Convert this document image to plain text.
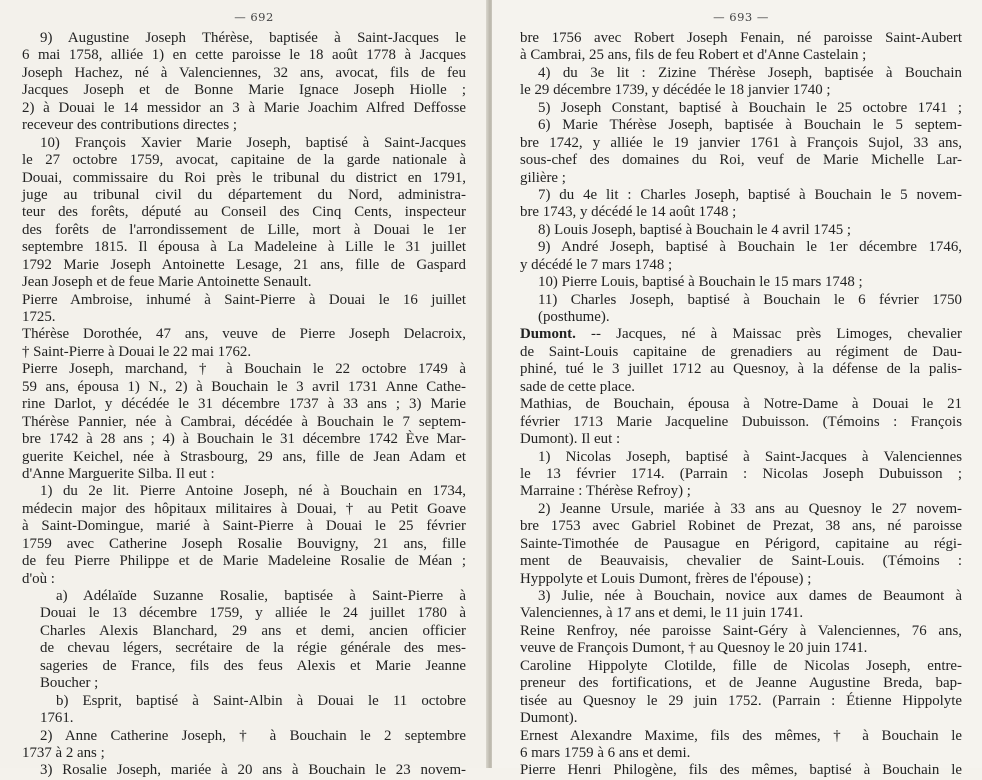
— 692
9) Augustine Joseph Thérèse, baptisée à Saint-Jacques le
6 mai 1758, alliée 1) en cette paroisse le 18 août 1778 à Jacques
Joseph Hachez, né à Valenciennes, 32 ans, avocat, fils de feu
Jacques Joseph et de Bonne Marie Ignace Joseph Hiolle ;
2) à Douai le 14 messidor an 3 à Marie Joachim Alfred Deffosse
receveur des contributions directes ;
10) François Xavier Marie Joseph, baptisé à Saint-Jacques
le 27 octobre 1759, avocat, capitaine de la garde nationale à
Douai, commissaire du Roi près le tribunal du district en 1791,
juge au tribunal civil du département du Nord, administra-
teur des forêts, député au Conseil des Cinq Cents, inspecteur
des forêts de l'arrondissement de Lille, mort à Douai le 1er
septembre 1815. Il épousa à La Madeleine à Lille le 31 juillet
1792 Marie Joseph Antoinette Lesage, 21 ans, fille de Gaspard
Jean Joseph et de feue Marie Antoinette Senault.
Pierre Ambroise, inhumé à Saint-Pierre à Douai le 16 juillet
1725.
Thérèse Dorothée, 47 ans, veuve de Pierre Joseph Delacroix,
† Saint-Pierre à Douai le 22 mai 1762.
Pierre Joseph, marchand, † à Bouchain le 22 octobre 1749 à
59 ans, épousa 1) N., 2) à Bouchain le 3 avril 1731 Anne Cathe-
rine Darlot, y décédée le 31 décembre 1737 à 33 ans ; 3) Marie
Thérèse Pannier, née à Cambrai, décédée à Bouchain le 7 septem-
bre 1742 à 28 ans ; 4) à Bouchain le 31 décembre 1742 Ève Mar-
guerite Keichel, née à Strasbourg, 29 ans, fille de Jean Adam et
d'Anne Marguerite Silba. Il eut :
1) du 2e lit. Pierre Antoine Joseph, né à Bouchain en 1734,
médecin major des hôpitaux militaires à Douai, † au Petit Goave
à Saint-Domingue, marié à Saint-Pierre à Douai le 25 février
1759 avec Catherine Joseph Rosalie Bouvigny, 21 ans, fille
de feu Pierre Philippe et de Marie Madeleine Rosalie de Méan ;
d'où :
a) Adélaïde Suzanne Rosalie, baptisée à Saint-Pierre à
Douai le 13 décembre 1759, y alliée le 24 juillet 1780 à
Charles Alexis Blanchard, 29 ans et demi, ancien officier
de chevau légers, secrétaire de la régie générale des mes-
sageries de France, fils des feus Alexis et Marie Jeanne
Boucher ;
b) Esprit, baptisé à Saint-Albin à Douai le 11 octobre
1761.
2) Anne Catherine Joseph, † à Bouchain le 2 septembre
1737 à 2 ans ;
3) Rosalie Joseph, mariée à 20 ans à Bouchain le 23 novem-
— 693 —
bre 1756 avec Robert Joseph Fenain, né paroisse Saint-Aubert
à Cambrai, 25 ans, fils de feu Robert et d'Anne Castelain ;
4) du 3e lit : Zizine Thérèse Joseph, baptisée à Bouchain
le 29 décembre 1739, y décédée le 18 janvier 1740 ;
5) Joseph Constant, baptisé à Bouchain le 25 octobre 1741 ;
6) Marie Thérèse Joseph, baptisée à Bouchain le 5 septem-
bre 1742, y alliée le 19 janvier 1761 à François Sujol, 33 ans,
sous-chef des domaines du Roi, veuf de Marie Michelle Lar-
gilière ;
7) du 4e lit : Charles Joseph, baptisé à Bouchain le 5 novem-
bre 1743, y décédé le 14 août 1748 ;
8) Louis Joseph, baptisé à Bouchain le 4 avril 1745 ;
9) André Joseph, baptisé à Bouchain le 1er décembre 1746,
y décédé le 7 mars 1748 ;
10) Pierre Louis, baptisé à Bouchain le 15 mars 1748 ;
11) Charles Joseph, baptisé à Bouchain le 6 février 1750
(posthume).
Dumont. -- Jacques, né à Maissac près Limoges, chevalier
de Saint-Louis capitaine de grenadiers au régiment de Dau-
phiné, tué le 3 juillet 1712 au Quesnoy, à la défense de la palis-
sade de cette place.
Mathias, de Bouchain, épousa à Notre-Dame à Douai le 21
février 1713 Marie Jacqueline Dubuisson. (Témoins : François
Dumont). Il eut :
1) Nicolas Joseph, baptisé à Saint-Jacques à Valenciennes
le 13 février 1714. (Parrain : Nicolas Joseph Dubuisson ;
Marraine : Thérèse Refroy) ;
2) Jeanne Ursule, mariée à 33 ans au Quesnoy le 27 novem-
bre 1753 avec Gabriel Robinet de Prezat, 38 ans, né paroisse
Sainte-Timothée de Pausague en Périgord, capitaine au régi-
ment de Beauvaisis, chevalier de Saint-Louis. (Témoins :
Hyppolyte et Louis Dumont, frères de l'épouse) ;
3) Julie, née à Bouchain, novice aux dames de Beaumont à
Valenciennes, à 17 ans et demi, le 11 juin 1741.
Reine Renfroy, née paroisse Saint-Géry à Valenciennes, 76 ans,
veuve de François Dumont, † au Quesnoy le 20 juin 1741.
Caroline Hippolyte Clotilde, fille de Nicolas Joseph, entre-
preneur des fortifications, et de Jeanne Augustine Breda, bap-
tisée au Quesnoy le 29 juin 1752. (Parrain : Étienne Hippolyte
Dumont).
Ernest Alexandre Maxime, fils des mêmes, † à Bouchain le
6 mars 1759 à 6 ans et demi.
Pierre Henri Philogène, fils des mêmes, baptisé à Bouchain le
